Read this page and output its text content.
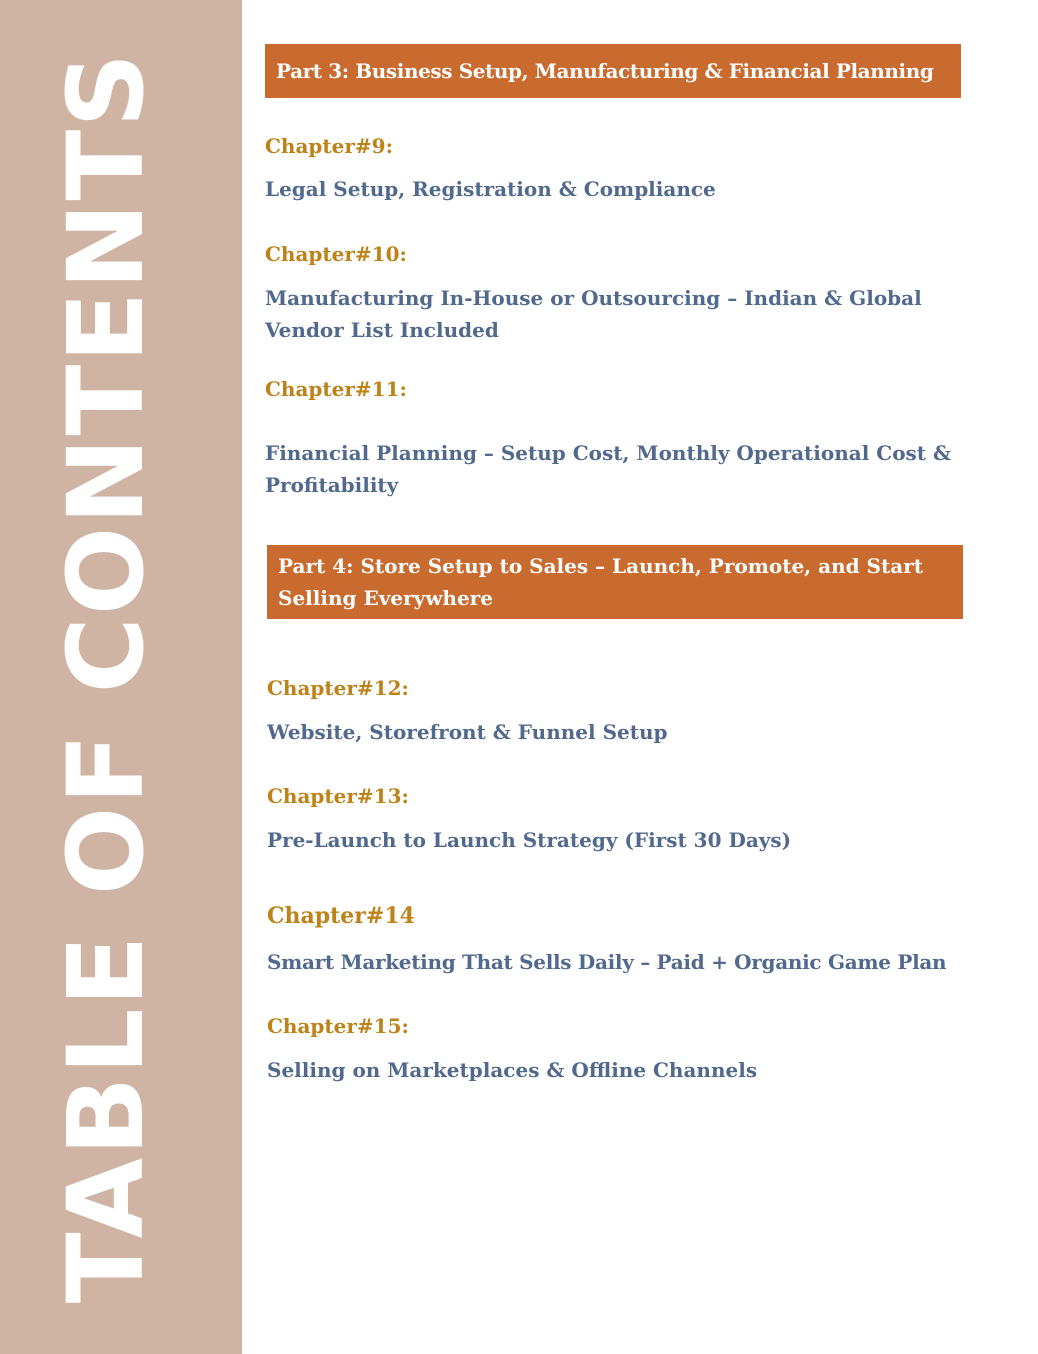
TABLE OF CONTENTS	Part 3: Business Setup, Manufacturing & Financial Planning
Chapter#9:
Legal Setup, Registration & Compliance
Chapter#10:
Manufacturing In-House or Outsourcing – Indian & Global Vendor List Included
Chapter#11:
Financial Planning – Setup Cost, Monthly Operational Cost & Profitability
Part 4: Store Setup to Sales – Launch, Promote, and Start Selling Everywhere
Chapter#12:
Website, Storefront & Funnel Setup
Chapter#13:
Pre-Launch to Launch Strategy (First 30 Days)
Chapter#14
Smart Marketing That Sells Daily – Paid + Organic Game Plan
Chapter#15:
Selling on Marketplaces & Offline Channels
